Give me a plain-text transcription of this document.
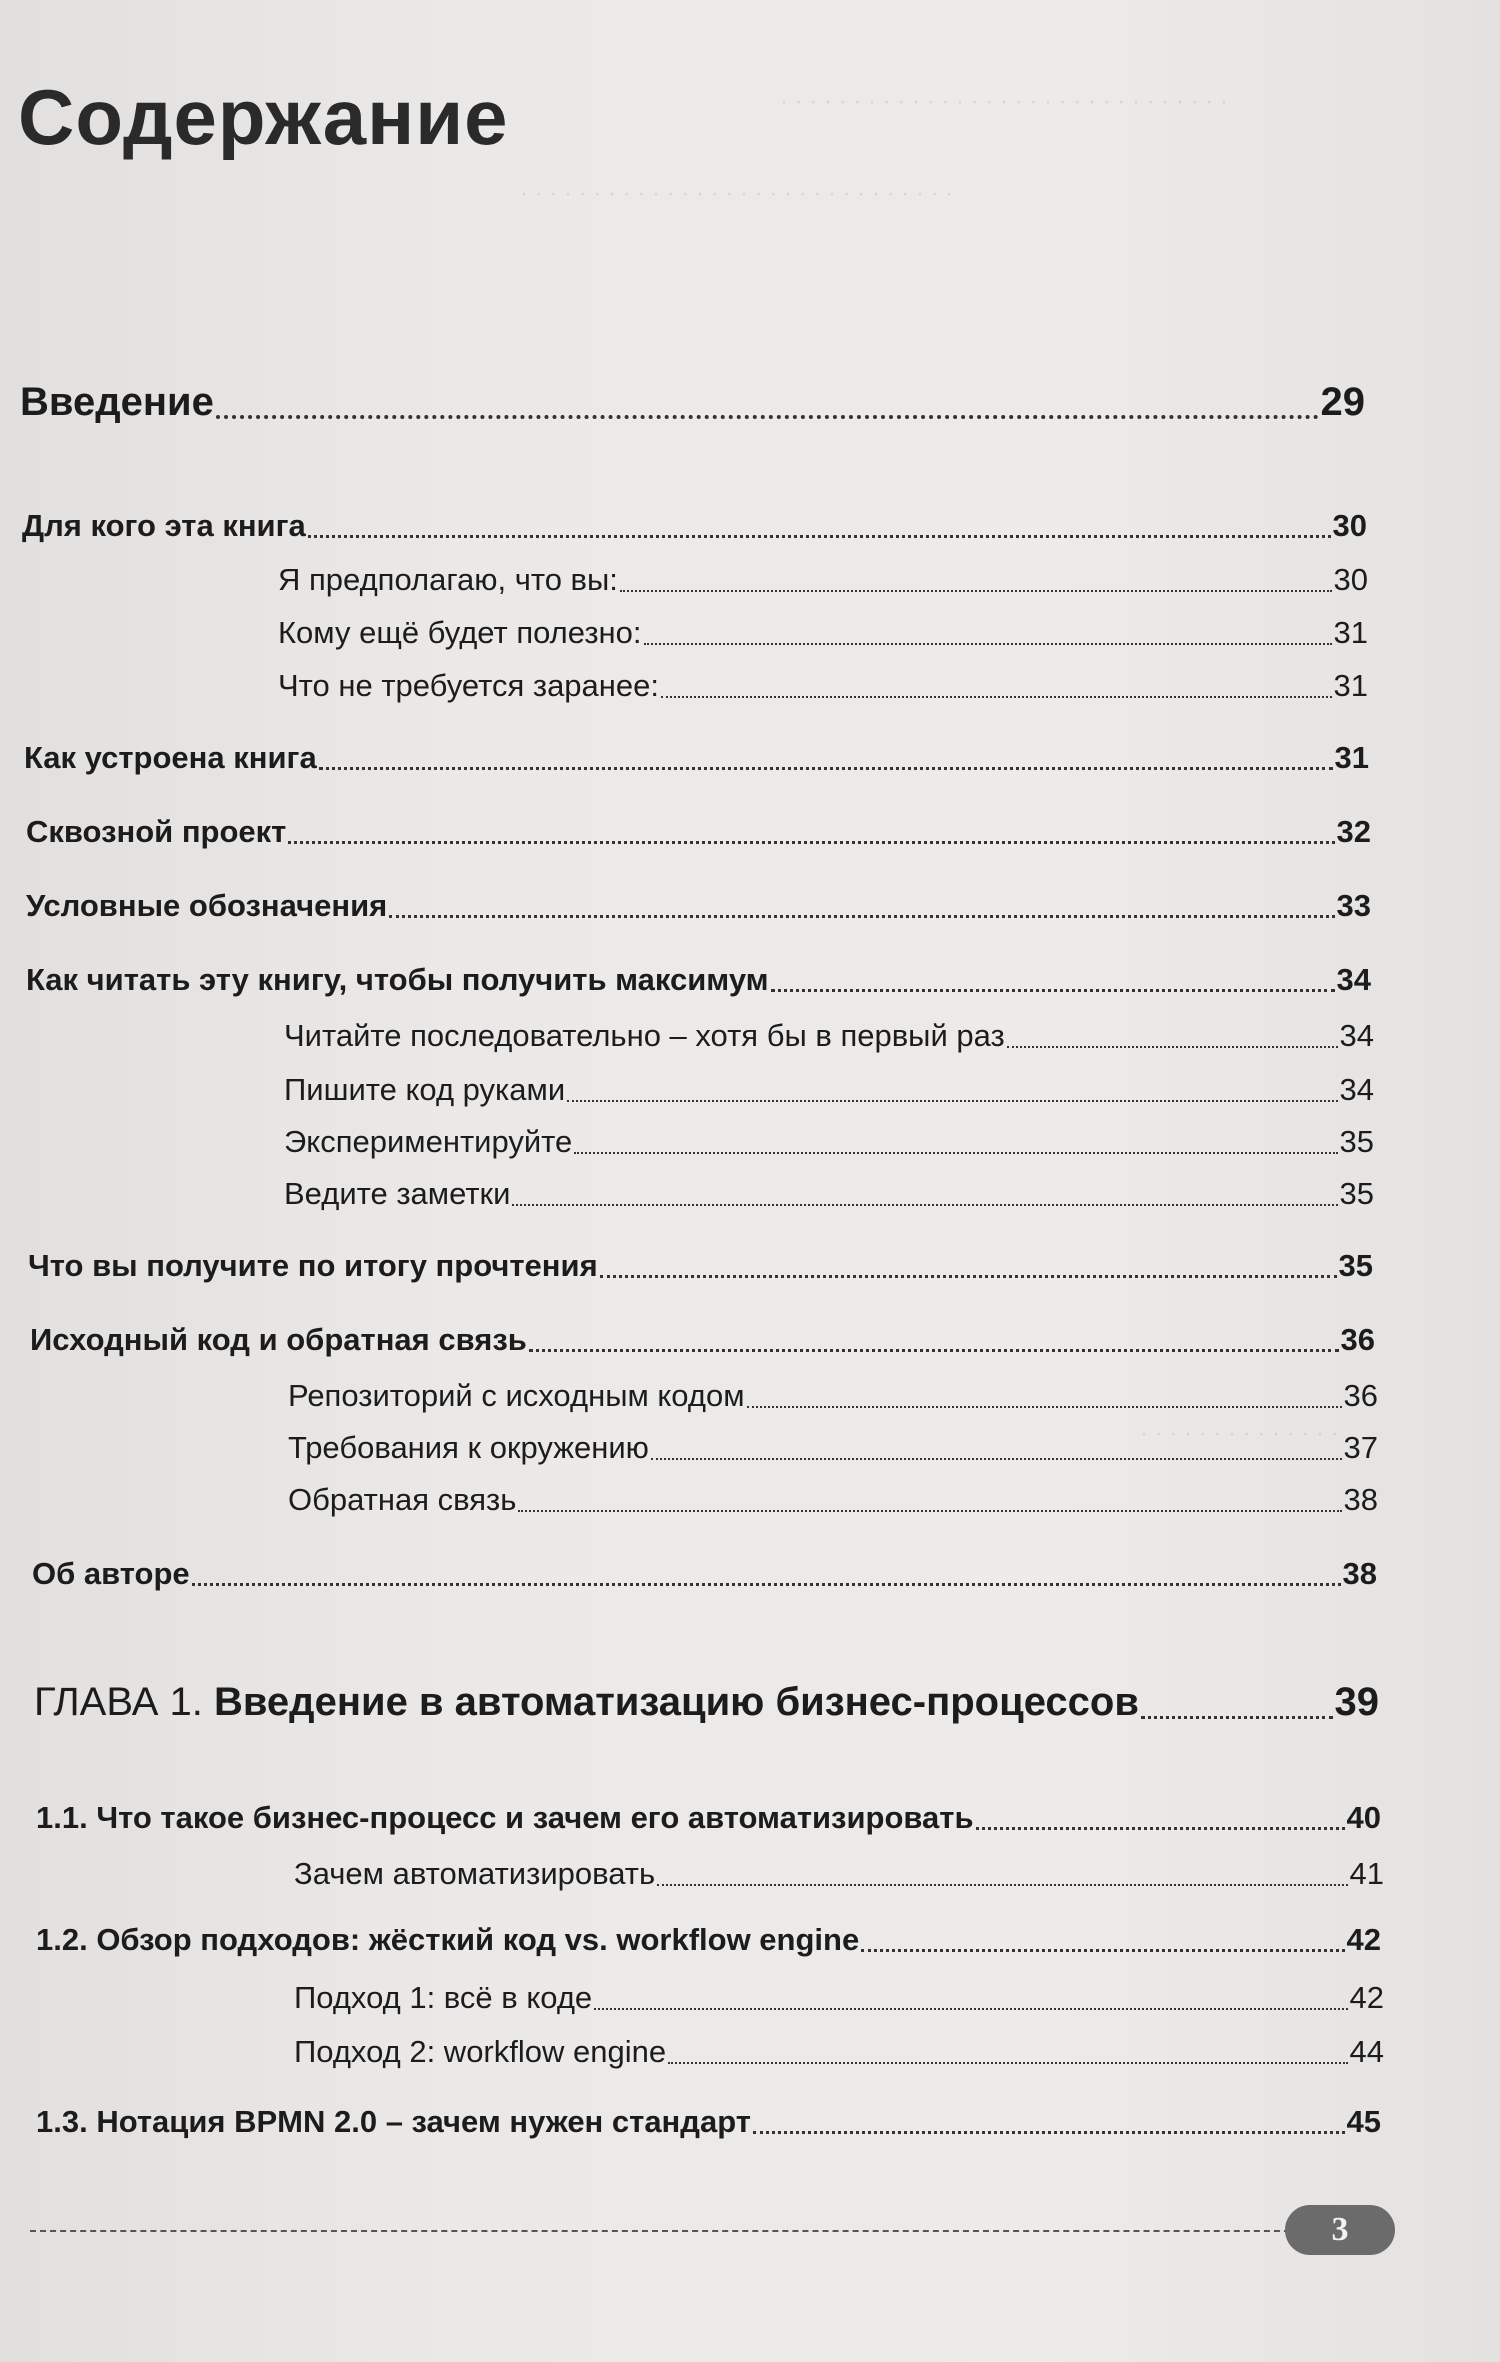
· · · · · · · · · · · · · · · · · · · · · · · · · · · · · · ·
· · · · · · · · · · · · · · · · · · · · · · · · · · · · · ·
· · · · · · · · · · · · · ·
Содержание
Введение	29
Для кого эта книга	30
Я предполагаю, что вы:	30
Кому ещё будет полезно:	31
Что не требуется заранее:	31
Как устроена книга	31
Сквозной проект	32
Условные обозначения	33
Как читать эту книгу, чтобы получить максимум	34
Читайте последовательно – хотя бы в первый раз	34
Пишите код руками	34
Экспериментируйте	35
Ведите заметки	35
Что вы получите по итогу прочтения	35
Исходный код и обратная связь	36
Репозиторий с исходным кодом	36
Требования к окружению	37
Обратная связь	38
Об авторе	38
ГЛАВА 1. Введение в автоматизацию бизнес-процессов	39
1.1. Что такое бизнес-процесс и зачем его автоматизировать	40
Зачем автоматизировать	41
1.2. Обзор подходов: жёсткий код vs. workflow engine	42
Подход 1: всё в коде	42
Подход 2: workflow engine	44
1.3. Нотация BPMN 2.0 – зачем нужен стандарт	45
3
